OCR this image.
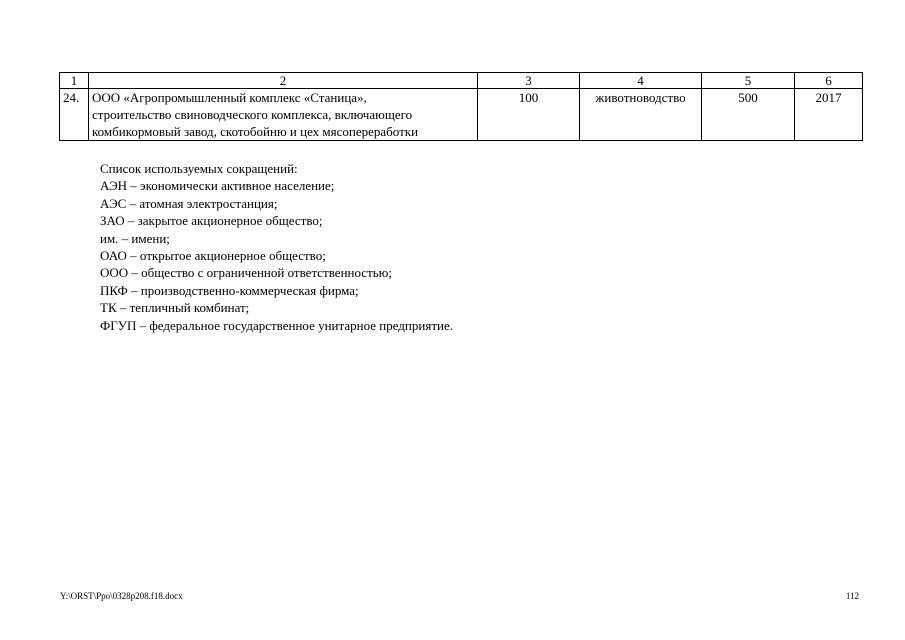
1	2	3	4	5	6
24.	ООО «Агропромышленный комплекс «Станица»,
строительство свиноводческого комплекса, включающего
комбикормовый завод, скотобойню и цех мясопереработки	100	животноводство	500	2017
Список используемых сокращений:
АЭН – экономически активное население;
АЭС – атомная электростанция;
ЗАО – закрытое акционерное общество;
им. – имени;
ОАО – открытое акционерное общество;
ООО – общество с ограниченной ответственностью;
ПКФ – производственно-коммерческая фирма;
ТК – тепличный комбинат;
ФГУП – федеральное государственное унитарное предприятие.
Y:\ORST\Ppo\0328p208.f18.docx	112
